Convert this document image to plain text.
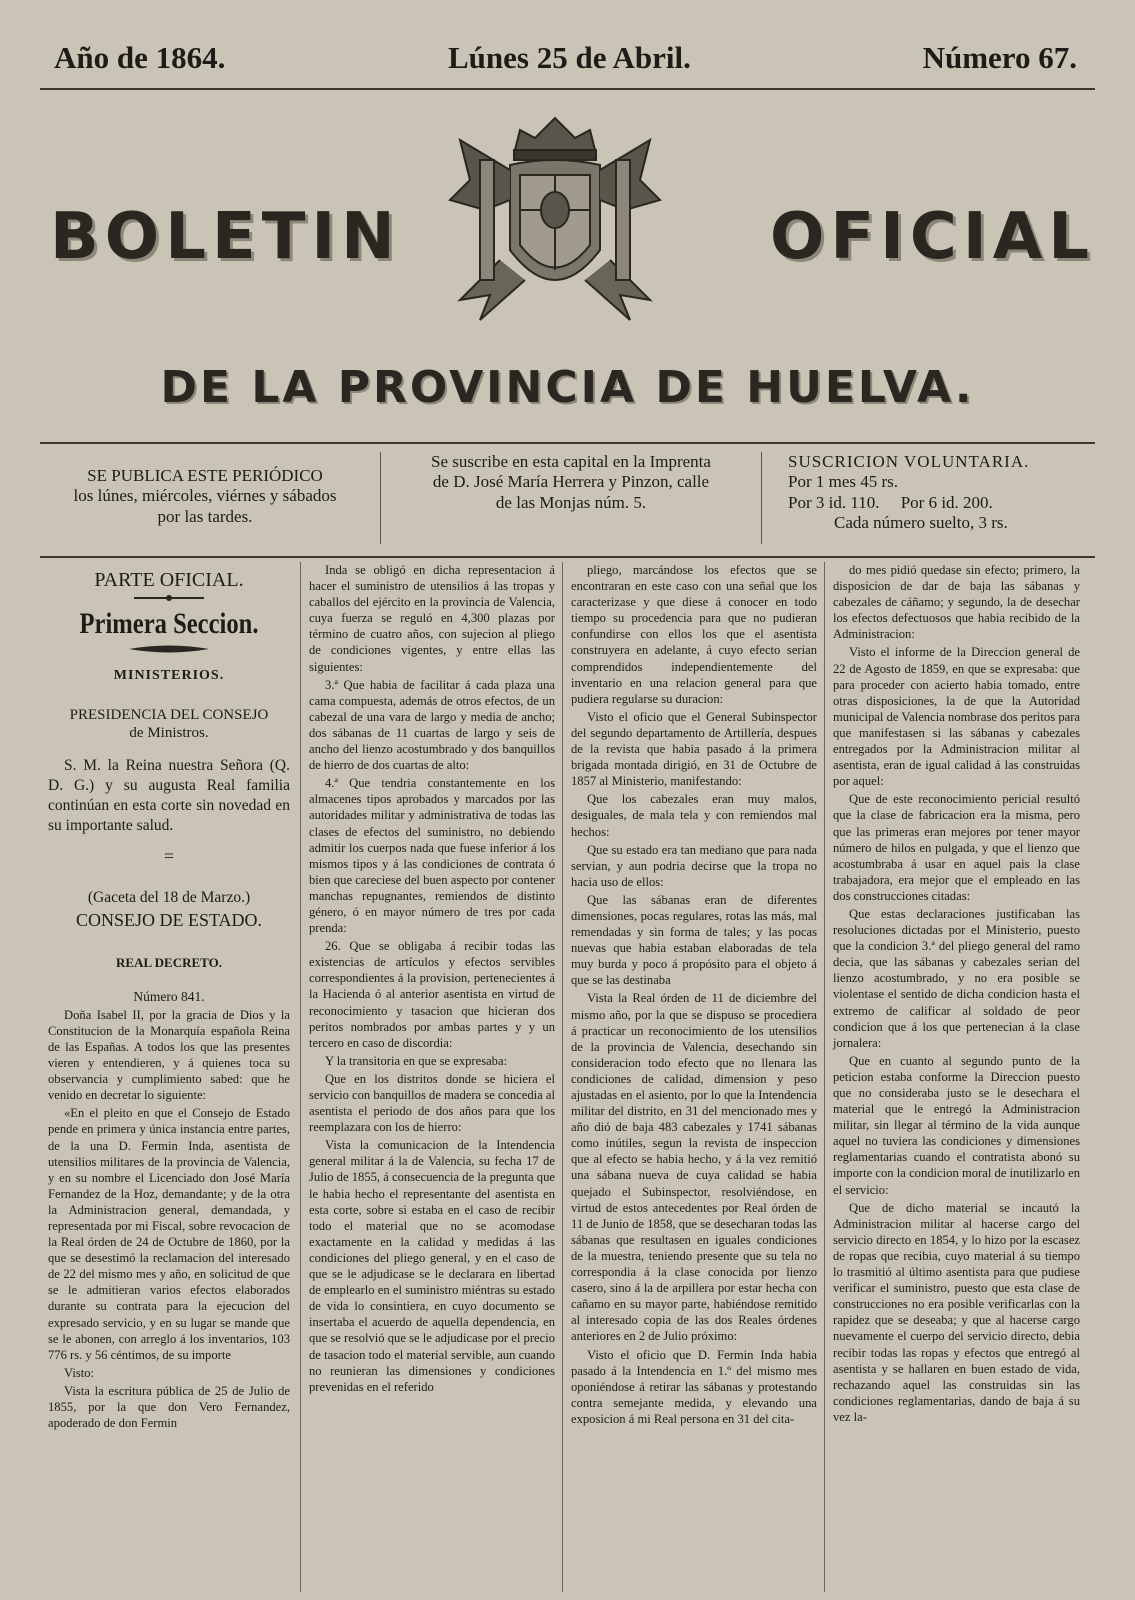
Año de 1864.	Lúnes 25 de Abril.	Número 67.
BOLETIN	OFICIAL
DE LA PROVINCIA DE HUELVA.
SE PUBLICA ESTE PERIÓDICO
los lúnes, miércoles, viérnes y sábados
por las tardes.
Se suscribe en esta capital en la Imprenta
de D. José María Herrera y Pinzon, calle
de las Monjas núm. 5.
SUSCRICION VOLUNTARIA.
Por 1 mes 45 rs.
Por 3 id. 110.     Por 6 id. 200.
Cada número suelto, 3 rs.
PARTE OFICIAL.
Primera Seccion.
MINISTERIOS.
PRESIDENCIA DEL CONSEJO
de Ministros.

S. M. la Reina nuestra Señora (Q. D. G.) y su augusta Real familia continúan en esta corte sin novedad en su importante salud.

=
(Gaceta del 18 de Marzo.)
CONSEJO DE ESTADO.
REAL DECRETO.
Número 841.

Doña Isabel II, por la gracia de Dios y la Constitucion de la Monarquía española Reina de las Españas. A todos los que las presentes vieren y entendieren, y á quienes toca su observancia y cumplimiento sabed: que he venido en decretar lo siguiente:

«En el pleito en que el Consejo de Estado pende en primera y única instancia entre partes, de la una D. Fermin Inda, asentista de utensilios militares de la provincia de Valencia, y en su nombre el Licenciado don José María Fernandez de la Hoz, demandante; y de la otra la Administracion general, demandada, y representada por mi Fiscal, sobre revocacion de la Real órden de 24 de Octubre de 1860, por la que se desestimó la reclamacion del interesado de 22 del mismo mes y año, en solicitud de que se le admitieran varios efectos elaborados durante su contrata para la ejecucion del expresado servicio, y en su lugar se mande que se le abonen, con arreglo á los inventarios, 103 776 rs. y 56 céntimos, de su importe

Visto:

Vista la escritura pública de 25 de Julio de 1855, por la que don Vero Fernandez, apoderado de don Fermin

Inda se obligó en dicha representacion á hacer el suministro de utensilios á las tropas y caballos del ejército en la provincia de Valencia, cuya fuerza se reguló en 4,300 plazas por término de cuatro años, con sujecion al pliego de condiciones vigentes, y entre ellas las siguientes:

3.ª Que habia de facilitar á cada plaza una cama compuesta, además de otros efectos, de un cabezal de una vara de largo y media de ancho; dos sábanas de 11 cuartas de largo y seis de ancho del lienzo acostumbrado y dos banquillos de hierro de dos cuartas de alto:

4.ª Que tendria constantemente en los almacenes tipos aprobados y marcados por las autoridades militar y administrativa de todas las clases de efectos del suministro, no debiendo admitir los cuerpos nada que fuese inferior á los mismos tipos y á las condiciones de contrata ó bien que careciese del buen aspecto por contener manchas repugnantes, remiendos de distinto género, ó en mayor número de tres por cada prenda:

26. Que se obligaba á recibir todas las existencias de artículos y efectos servibles correspondientes á la provision, pertenecientes á la Hacienda ó al anterior asentista en virtud de reconocimiento y tasacion que hicieran dos peritos nombrados por ambas partes y y un tercero en caso de discordia:

Y la transitoria en que se expresaba:

Que en los distritos donde se hiciera el servicio con banquillos de madera se concedia al asentista el periodo de dos años para que los reemplazara con los de hierro:

Vista la comunicacion de la Intendencia general militar á la de Valencia, su fecha 17 de Julio de 1855, á consecuencia de la pregunta que le habia hecho el representante del asentista en esta corte, sobre si estaba en el caso de recibir todo el material que no se acomodase exactamente en la calidad y medidas á las condiciones del pliego general, y en el caso de que se le adjudicase se le declarara en libertad de emplearlo en el suministro miéntras su estado de vida lo consintiera, en cuyo documento se insertaba el acuerdo de aquella dependencia, en que se resolvió que se le adjudicase por el precio de tasacion todo el material servible, aun cuando no reunieran las dimensiones y condiciones prevenidas en el referido

pliego, marcándose los efectos que se encontraran en este caso con una señal que los caracterizase y que diese á conocer en todo tiempo su procedencia para que no pudieran confundirse con ellos los que el asentista construyera en adelante, á cuyo efecto serian comprendidos independientemente del inventario en una relacion general para que pudiera regularse su duracion:

Visto el oficio que el General Subinspector del segundo departamento de Artillería, despues de la revista que habia pasado á la primera brigada montada dirigió, en 31 de Octubre de 1857 al Ministerio, manifestando:

Que los cabezales eran muy malos, desiguales, de mala tela y con remiendos mal hechos:

Que su estado era tan mediano que para nada servian, y aun podria decirse que la tropa no hacia uso de ellos:

Que las sábanas eran de diferentes dimensiones, pocas regulares, rotas las más, mal remendadas y sin forma de tales; y las pocas nuevas que habia estaban elaboradas de tela muy burda y poco á propósito para el objeto á que se las destinaba

Vista la Real órden de 11 de diciembre del mismo año, por la que se dispuso se procediera á practicar un reconocimiento de los utensilios de la provincia de Valencia, desechando sin consideracion todo efecto que no llenara las condiciones de calidad, dimension y peso ajustadas en el asiento, por lo que la Intendencia militar del distrito, en 31 del mencionado mes y año dió de baja 483 cabezales y 1741 sábanas como inútiles, segun la revista de inspeccion que al efecto se habia hecho, y á la vez remitió una sábana nueva de cuya calidad se habia quejado el Subinspector, resolviéndose, en virtud de estos antecedentes por Real órden de 11 de Junio de 1858, que se desecharan todas las sábanas que resultasen en iguales condiciones de la muestra, teniendo presente que su tela no correspondia á la clase conocida por lienzo casero, sino á la de arpillera por estar hecha con cañamo en su mayor parte, habiéndose remitido al interesado copia de las dos Reales órdenes anteriores en 2 de Julio próximo:

Visto el oficio que D. Fermin Inda habia pasado á la Intendencia en 1.º del mismo mes oponiéndose á retirar las sábanas y protestando contra semejante medida, y elevando una exposicion á mi Real persona en 31 del cita-

do mes pidió quedase sin efecto; primero, la disposicion de dar de baja las sábanas y cabezales de cáñamo; y segundo, la de desechar los efectos defectuosos que habia recibido de la Administracion:

Visto el informe de la Direccion general de 22 de Agosto de 1859, en que se expresaba: que para proceder con acierto habia tomado, entre otras disposiciones, la de que la Autoridad municipal de Valencia nombrase dos peritos para que manifestasen si las sábanas y cabezales entregados por la Administracion militar al asentista, eran de igual calidad á las construidas por aquel:

Que de este reconocimiento pericial resultó que la clase de fabricacion era la misma, pero que las primeras eran mejores por tener mayor número de hilos en pulgada, y que el lienzo que acostumbraba á usar en aquel pais la clase trabajadora, era mejor que el empleado en las dos construcciones citadas:

Que estas declaraciones justificaban las resoluciones dictadas por el Ministerio, puesto que la condicion 3.ª del pliego general del ramo decia, que las sábanas y cabezales serian del lienzo acostumbrado, y no era posible se violentase el sentido de dicha condicion hasta el extremo de calificar al soldado de peor condicion que á los que pertenecian á la clase jornalera:

Que en cuanto al segundo punto de la peticion estaba conforme la Direccion puesto que no consideraba justo se le desechara el material que le entregó la Administracion militar, sin llegar al término de la vida aunque aquel no tuviera las condiciones y dimensiones reglamentarias cuando el contratista abonó su importe con la condicion moral de inutilizarlo en el servicio:

Que de dicho material se incautó la Administracion militar al hacerse cargo del servicio directo en 1854, y lo hizo por la escasez de ropas que recibia, cuyo material á su tiempo lo trasmitió al último asentista para que pudiese verificar el suministro, puesto que esta clase de construcciones no era posible verificarlas con la rapidez que se deseaba; y que al hacerse cargo nuevamente el cuerpo del servicio directo, debia recibir todas las ropas y efectos que entregó al asentista y se hallaren en buen estado de vida, rechazando aquel las construidas sin las condiciones reglamentarias, dando de baja á su vez la-
